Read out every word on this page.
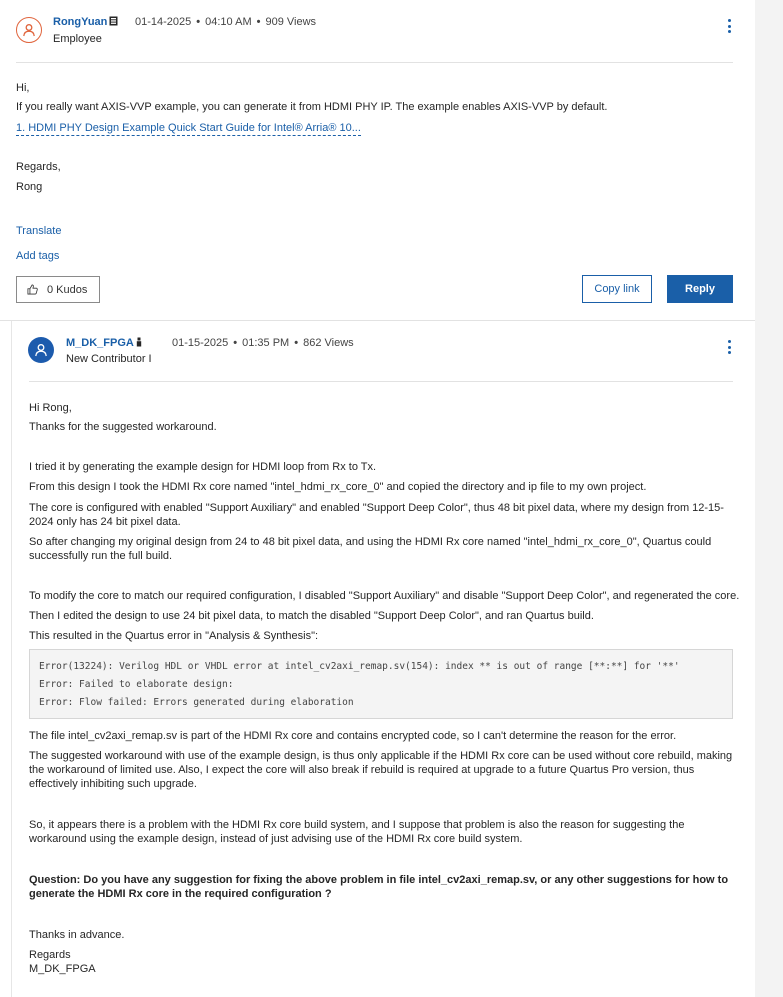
RongYuan
Employee
01-14-2025 • 04:10 AM • 909 Views
Hi,
If you really want AXIS-VVP example, you can generate it from HDMI PHY IP. The example enables AXIS-VVP by default.
1. HDMI PHY Design Example Quick Start Guide for Intel® Arria® 10...
Regards,
Rong
Translate
Add tags
0 Kudos	Copy link	Reply
M_DK_FPGA
New Contributor I
01-15-2025 • 01:35 PM • 862 Views
Hi Rong,
Thanks for the suggested workaround.
I tried it by generating the example design for HDMI loop from Rx to Tx.
From this design I took the HDMI Rx core named "intel_hdmi_rx_core_0" and copied the directory and ip file to my own project.
The core is configured with enabled "Support Auxiliary" and enabled "Support Deep Color", thus 48 bit pixel data, where my design from 12-15-2024 only has 24 bit pixel data.
So after changing my original design from 24 to 48 bit pixel data, and using the HDMI Rx core named "intel_hdmi_rx_core_0", Quartus could successfully run the full build.
To modify the core to match our required configuration, I disabled "Support Auxiliary" and disable "Support Deep Color", and regenerated the core.
Then I edited the design to use 24 bit pixel data, to match the disabled "Support Deep Color", and ran Quartus build.
This resulted in the Quartus error in "Analysis & Synthesis":
Error(13224): Verilog HDL or VHDL error at intel_cv2axi_remap.sv(154): index ** is out of range [**:**] for '**'
Error: Failed to elaborate design:
Error: Flow failed: Errors generated during elaboration
The file intel_cv2axi_remap.sv is part of the HDMI Rx core and contains encrypted code, so I can't determine the reason for the error.
The suggested workaround with use of the example design, is thus only applicable if the HDMI Rx core can be used without core rebuild, making the workaround of limited use. Also, I expect the core will also break if rebuild is required at upgrade to a future Quartus Pro version, thus effectively inhibiting such upgrade.
So, it appears there is a problem with the HDMI Rx core build system, and I suppose that problem is also the reason for suggesting the workaround using the example design, instead of just advising use of the HDMI Rx core build system.
Question: Do you have any suggestion for fixing the above problem in file intel_cv2axi_remap.sv, or any other suggestions for how to generate the HDMI Rx core in the required configuration ?
Thanks in advance.
Regards
M_DK_FPGA
